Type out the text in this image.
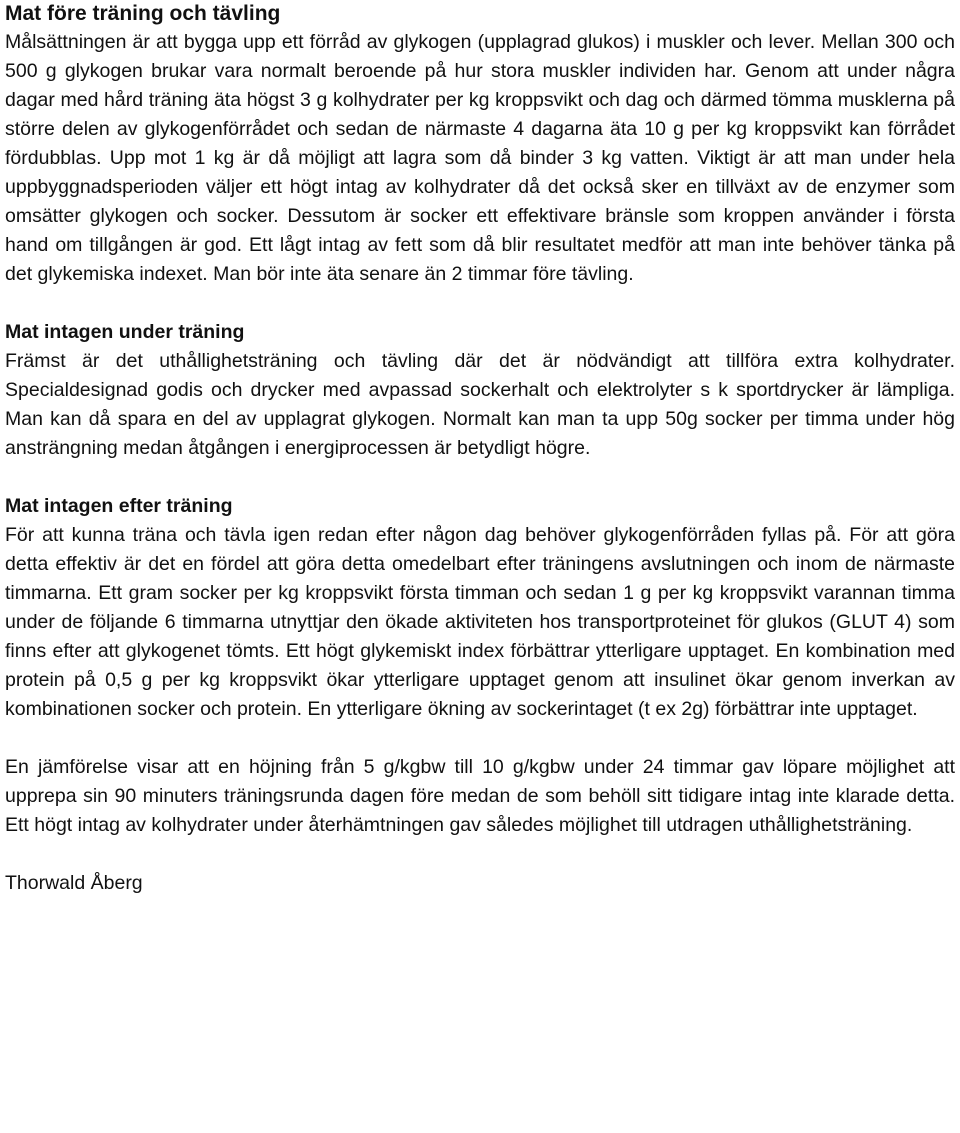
Mat före träning och tävling

Målsättningen är att bygga upp ett förråd av glykogen (upplagrad glukos) i muskler och lever. Mellan 300 och 500 g glykogen brukar vara normalt beroende på hur stora muskler individen har. Genom att under några dagar med hård träning äta högst 3 g kolhydrater per kg kroppsvikt och dag och därmed tömma musklerna på större delen av glykogenförrådet och sedan de närmaste 4 dagarna äta 10 g per kg kroppsvikt kan förrådet fördubblas. Upp mot 1 kg är då möjligt att lagra som då binder 3 kg vatten. Viktigt är att man under hela uppbyggnadsperioden väljer ett högt intag av kolhydrater då det också sker en tillväxt av de enzymer som omsätter glykogen och socker. Dessutom är socker ett effektivare bränsle som kroppen använder i första hand om tillgången är god. Ett lågt intag av fett som då blir resultatet medför att man inte behöver tänka på det glykemiska indexet. Man bör inte äta senare än 2 timmar före tävling.

Mat intagen under träning

Främst är det uthållighetsträning och tävling där det är nödvändigt att tillföra extra kolhydrater. Specialdesignad godis och drycker med avpassad sockerhalt och elektrolyter s k sportdrycker är lämpliga. Man kan då spara en del av upplagrat glykogen. Normalt kan man ta upp 50g socker per timma under hög ansträngning medan åtgången i energiprocessen är betydligt högre.

Mat intagen efter träning

För att kunna träna och tävla igen redan efter någon dag behöver glykogenförråden fyllas på. För att göra detta effektiv är det en fördel att göra detta omedelbart efter träningens avslutningen och inom de närmaste timmarna. Ett gram socker per kg kroppsvikt första timman och sedan 1 g per kg kroppsvikt varannan timma under de följande 6 timmarna utnyttjar den ökade aktiviteten hos transportproteinet för glukos (GLUT 4) som finns efter att glykogenet tömts. Ett högt glykemiskt index förbättrar ytterligare upptaget. En kombination med protein på 0,5 g per kg kroppsvikt ökar ytterligare upptaget genom att insulinet ökar genom inverkan av kombinationen socker och protein. En ytterligare ökning av sockerintaget (t ex 2g) förbättrar inte upptaget.

En jämförelse visar att en höjning från 5 g/kgbw till 10 g/kgbw under 24 timmar gav löpare möjlighet att upprepa sin 90 minuters träningsrunda dagen före medan de som behöll sitt tidigare intag inte klarade detta. Ett högt intag av kolhydrater under återhämtningen gav således möjlighet till utdragen uthållighetsträning.

Thorwald Åberg
